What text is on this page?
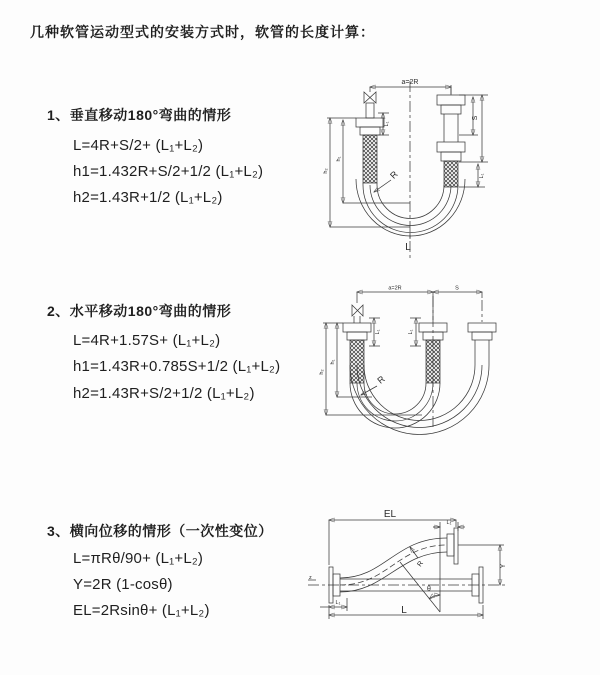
几种软管运动型式的安装方式时，软管的长度计算：
1、垂直移动180°弯曲的情形
L=4R+S/2+ (L₁+L₂)
h1=1.432R+S/2+1/2 (L₁+L₂)
h2=1.43R+1/2 (L₁+L₂)
2、水平移动180°弯曲的情形
L=4R+1.57S+ (L₁+L₂)
h1=1.43R+0.785S+1/2 (L₁+L₂)
h2=1.43R+S/2+1/2 (L₁+L₂)
3、横向位移的情形（一次性变位）
L=πRθ/90+ (L₁+L₂)
Y=2R (1-cosθ)
EL=2Rsinθ+ (L₁+L₂)
a=2R
S
L₁
L₁
h₂
h₁
R
L
a=2R	S
h₂
h₁
L₁	L₁
R
z
θ
R
EL
L₁
Y
L
L₁
